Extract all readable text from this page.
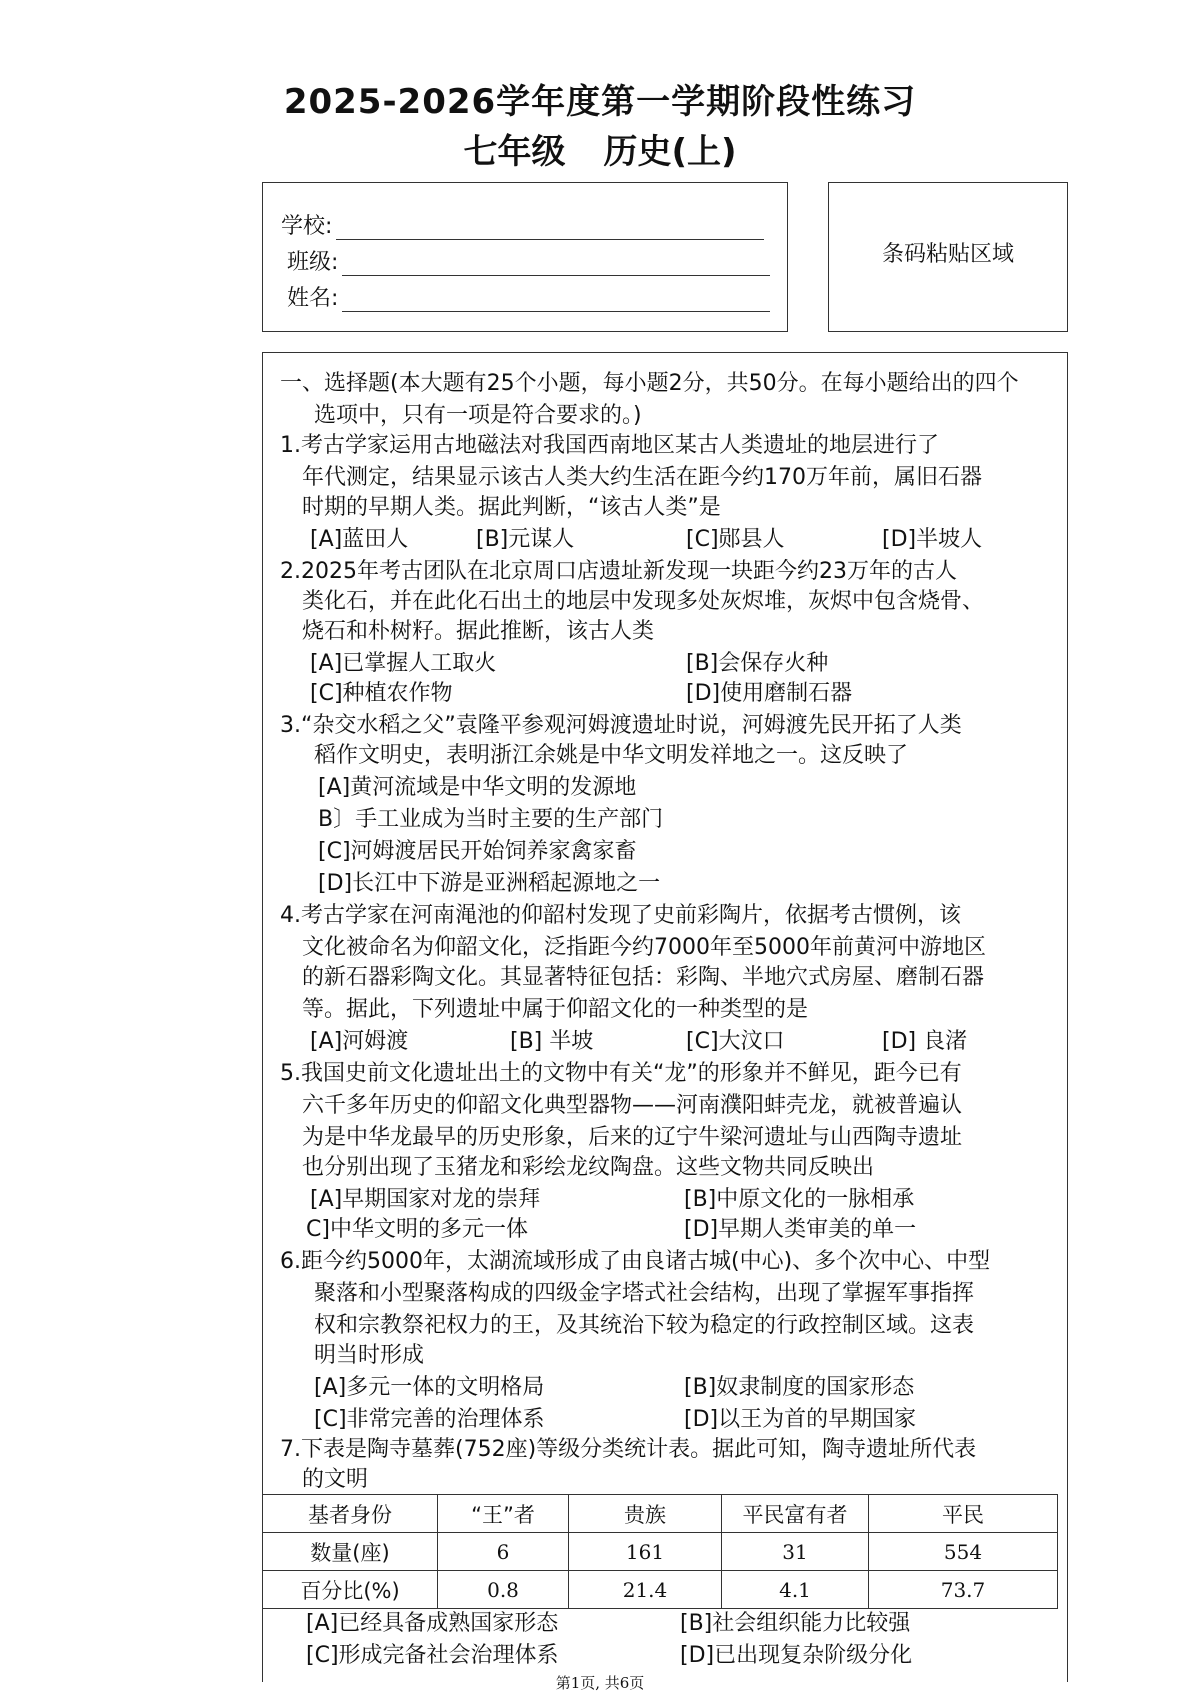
2025-2026学年度第一学期阶段性练习
七年级 历史(上)
学校:
班级:
姓名:
条码粘贴区域
一、选择题(本大题有25个小题，每小题2分，共50分。在每小题给出的四个
选项中，只有一项是符合要求的。)
1.考古学家运用古地磁法对我国西南地区某古人类遗址的地层进行了
年代测定，结果显示该古人类大约生活在距今约170万年前，属旧石器
时期的早期人类。据此判断，“该古人类”是
[A]蓝田人	[B]元谋人	[C]郧县人	[D]半坡人
2.2025年考古团队在北京周口店遗址新发现一块距今约23万年的古人
类化石，并在此化石出土的地层中发现多处灰烬堆，灰烬中包含烧骨、
烧石和朴树籽。据此推断，该古人类
[A]已掌握人工取火	[B]会保存火种
[C]种植农作物	[D]使用磨制石器
3.“杂交水稻之父”袁隆平参观河姆渡遗址时说，河姆渡先民开拓了人类
稻作文明史，表明浙江余姚是中华文明发祥地之一。这反映了
[A]黄河流域是中华文明的发源地
B〕手工业成为当时主要的生产部门
[C]河姆渡居民开始饲养家禽家畜
[D]长江中下游是亚洲稻起源地之一
4.考古学家在河南渑池的仰韶村发现了史前彩陶片，依据考古惯例，该
文化被命名为仰韶文化，泛指距今约7000年至5000年前黄河中游地区
的新石器彩陶文化。其显著特征包括：彩陶、半地穴式房屋、磨制石器
等。据此，下列遗址中属于仰韶文化的一种类型的是
[A]河姆渡	[B] 半坡	[C]大汶口	[D] 良渚
5.我国史前文化遗址出土的文物中有关“龙”的形象并不鲜见，距今已有
六千多年历史的仰韶文化典型器物——河南濮阳蚌壳龙，就被普遍认
为是中华龙最早的历史形象，后来的辽宁牛梁河遗址与山西陶寺遗址
也分别出现了玉猪龙和彩绘龙纹陶盘。这些文物共同反映出
[A]早期国家对龙的崇拜	[B]中原文化的一脉相承
C]中华文明的多元一体	[D]早期人类审美的单一
6.距今约5000年，太湖流域形成了由良诸古城(中心)、多个次中心、中型
聚落和小型聚落构成的四级金字塔式社会结构，出现了掌握军事指挥
权和宗教祭祀权力的王，及其统治下较为稳定的行政控制区域。这表
明当时形成
[A]多元一体的文明格局	[B]奴隶制度的国家形态
[C]非常完善的治理体系	[D]以王为首的早期国家
7.下表是陶寺墓葬(752座)等级分类统计表。据此可知，陶寺遗址所代表
的文明
基者身份	“王”者	贵族	平民富有者	平民
数量(座)	6	161	31	554
百分比(%)	0.8	21.4	4.1	73.7
[A]已经具备成熟国家形态	[B]社会组织能力比较强
[C]形成完备社会治理体系	[D]已出现复杂阶级分化
第1页, 共6页
